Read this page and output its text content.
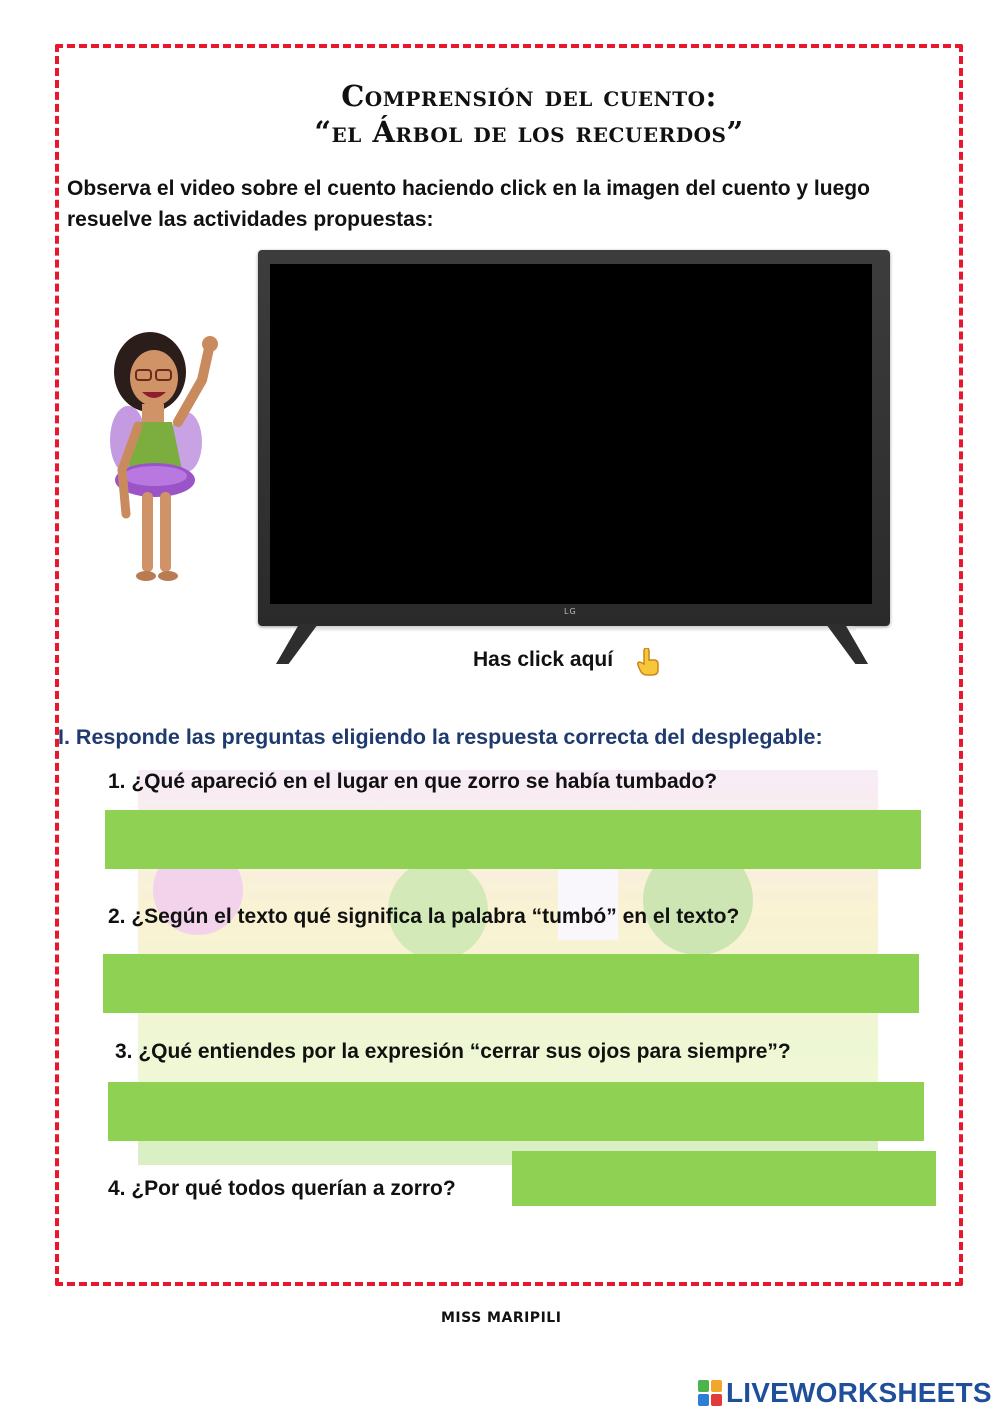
Comprensión del cuento:
“el Árbol de los recuerdos”

Observa el video sobre el cuento haciendo click en la imagen del cuento y luego resuelve las actividades propuestas:

LG
Has click aquí
I. Responde las preguntas eligiendo la respuesta correcta del desplegable:
1. ¿Qué apareció en el lugar en que zorro se había tumbado?
2. ¿Según el texto qué significa la palabra “tumbó” en el texto?
3. ¿Qué entiendes por la expresión “cerrar sus ojos para siempre”?
4. ¿Por qué todos querían a zorro?
MISS MARIPILI
LIVEWORKSHEETS
